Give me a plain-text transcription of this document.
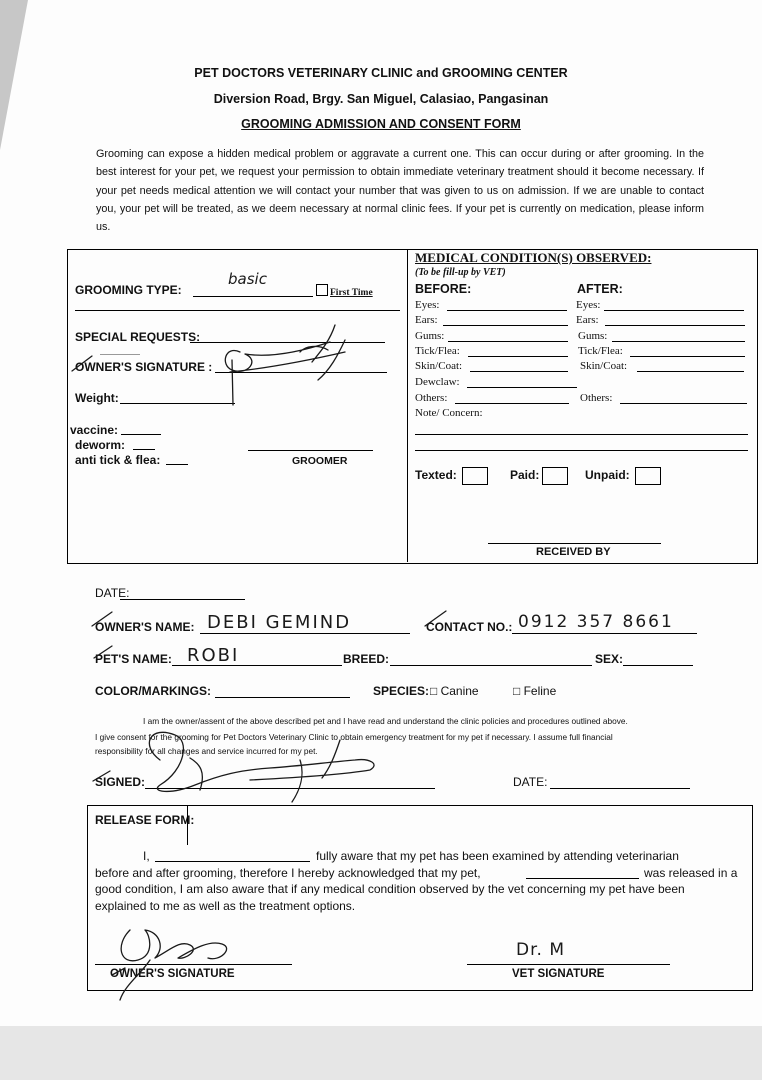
PET DOCTORS VETERINARY CLINIC and GROOMING CENTER
Diversion Road, Brgy. San Miguel, Calasiao, Pangasinan
GROOMING ADMISSION AND CONSENT FORM
Grooming can expose a hidden medical problem or aggravate a current one. This can occur during or after grooming. In the best interest for your pet, we request your permission to obtain immediate veterinary treatment should it become necessary. If your pet needs medical attention we will contact your number that was given to us on admission. If we are unable to contact you, your pet will be treated, as we deem necessary at normal clinic fees. If your pet is currently on medication, please inform us.
GROOMING TYPE:
basic
First Time
SPECIAL REQUESTS:
OWNER'S SIGNATURE :
Weight:
vaccine:
deworm:
anti tick & flea:	GROOMER
MEDICAL CONDITION(S) OBSERVED:
(To be fill-up by VET)
BEFORE:	AFTER:
Eyes:	Eyes:
Ears:	Ears:
Gums:	Gums:
Tick/Flea:	Tick/Flea:
Skin/Coat:	Skin/Coat:
Dewclaw:
Others:	Others:
Note/ Concern:
Texted:	Paid:	Unpaid:
RECEIVED BY
DATE:
OWNER'S NAME: DEBI GEMIND	CONTACT NO.: 0912 357 8661
PET'S NAME: ROBI	BREED:	SEX:
COLOR/MARKINGS:	SPECIES: □ Canine	□ Feline
I am the owner/assent of the above described pet and I have read and understand the clinic policies and procedures outlined above.
I give consent for the grooming for Pet Doctors Veterinary Clinic to obtain emergency treatment for my pet if necessary. I assume full financial
responsibility for all changes and service incurred for my pet.
SIGNED:	DATE:
RELEASE FORM:
I,	fully aware that my pet has been examined by attending veterinarian
before and after grooming, therefore I hereby acknowledged that my pet,	was released in a
good condition, I am also aware that if any medical condition observed by the vet concerning my pet have been
explained to me as well as the treatment options.
OWNER'S SIGNATURE	VET SIGNATURE
Dr. M
